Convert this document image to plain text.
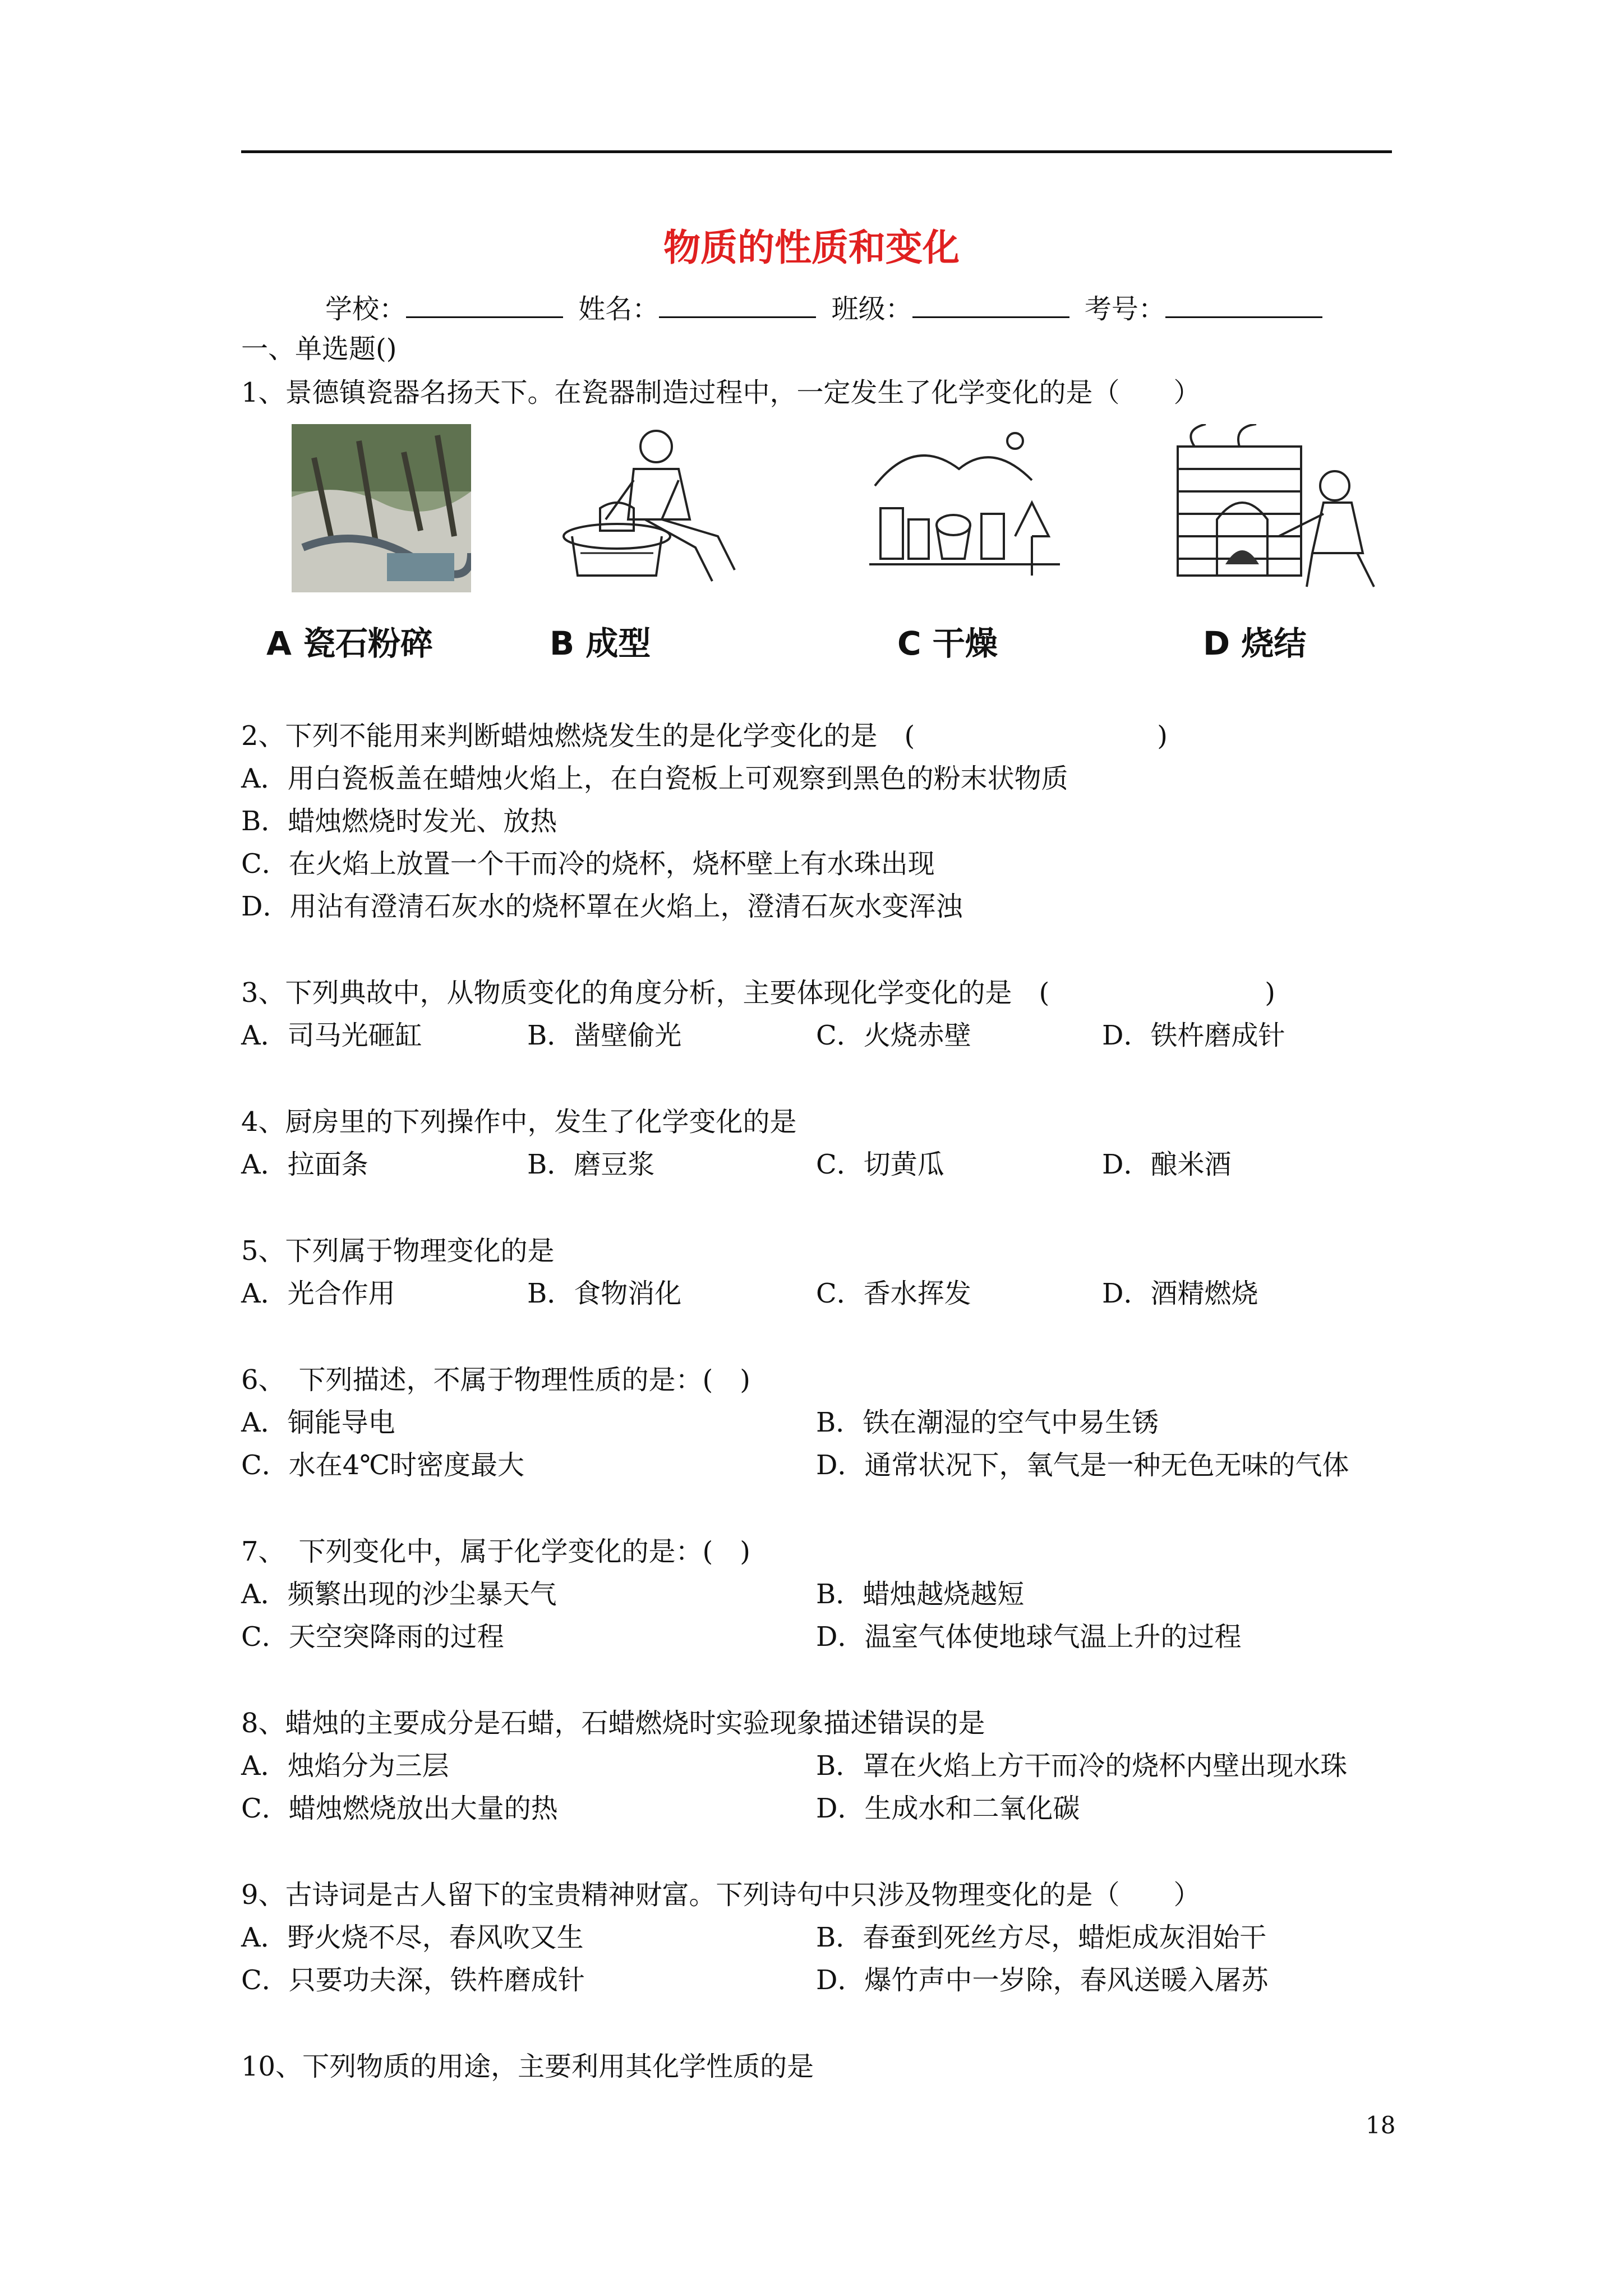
物质的性质和变化
学校：	姓名：	班级：	考号：
一、单选题()
1、景德镇瓷器名扬天下。在瓷器制造过程中，一定发生了化学变化的是（　　）
A 瓷石粉碎	B 成型	C 干燥	D 烧结
2、下列不能用来判断蜡烛燃烧发生的是化学变化的是　(　　　　　　　　　)
A．用白瓷板盖在蜡烛火焰上，在白瓷板上可观察到黑色的粉末状物质
B．蜡烛燃烧时发光、放热
C．在火焰上放置一个干而冷的烧杯，烧杯壁上有水珠出现
D．用沾有澄清石灰水的烧杯罩在火焰上，澄清石灰水变浑浊
3、下列典故中，从物质变化的角度分析，主要体现化学变化的是　(　　　　　　　　)
A．司马光砸缸	B．凿壁偷光	C．火烧赤壁	D．铁杵磨成针
4、厨房里的下列操作中，发生了化学变化的是
A．拉面条	B．磨豆浆	C．切黄瓜	D．酿米酒
5、下列属于物理变化的是
A．光合作用	B．食物消化	C．香水挥发	D．酒精燃烧
6、　下列描述，不属于物理性质的是：(　)
A．铜能导电	B．铁在潮湿的空气中易生锈
C．水在4℃时密度最大	D．通常状况下，氧气是一种无色无味的气体
7、　下列变化中，属于化学变化的是：(　)
A．频繁出现的沙尘暴天气	B．蜡烛越烧越短
C．天空突降雨的过程	D．温室气体使地球气温上升的过程
8、蜡烛的主要成分是石蜡，石蜡燃烧时实验现象描述错误的是
A．烛焰分为三层	B．罩在火焰上方干而冷的烧杯内壁出现水珠
C．蜡烛燃烧放出大量的热	D．生成水和二氧化碳
9、古诗词是古人留下的宝贵精神财富。下列诗句中只涉及物理变化的是（　　）
A．野火烧不尽，春风吹又生	B．春蚕到死丝方尽，蜡炬成灰泪始干
C．只要功夫深，铁杵磨成针	D．爆竹声中一岁除，春风送暖入屠苏
10、下列物质的用途，主要利用其化学性质的是
18
